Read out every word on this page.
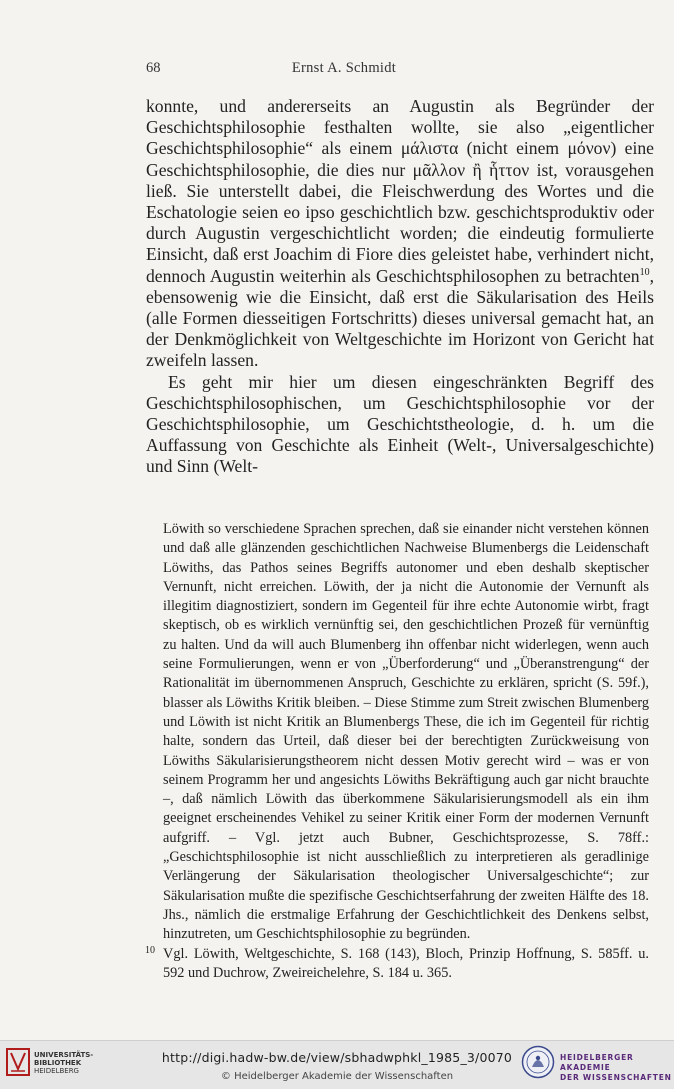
68	Ernst A. Schmidt

konnte, und andererseits an Augustin als Begründer der Geschichtsphilosophie festhalten wollte, sie also „eigentlicher Geschichtsphilosophie“ als einem μάλιστα (nicht einem μόνον) eine Geschichtsphilosophie, die dies nur μᾶλλον ἢ ἧττον ist, vorausgehen ließ. Sie unterstellt dabei, die Fleischwerdung des Wortes und die Eschatologie seien eo ipso geschichtlich bzw. geschichtsproduktiv oder durch Augustin vergeschichtlicht worden; die eindeutig formulierte Einsicht, daß erst Joachim di Fiore dies geleistet habe, verhindert nicht, dennoch Augustin weiterhin als Geschichtsphilosophen zu betrachten$^{10}$, ebensowenig wie die Einsicht, daß erst die Säkularisation des Heils (alle Formen diesseitigen Fortschritts) dieses universal gemacht hat, an der Denkmöglichkeit von Weltgeschichte im Horizont von Gericht hat zweifeln lassen.

Es geht mir hier um diesen eingeschränkten Begriff des Geschichtsphilosophischen, um Geschichtsphilosophie vor der Geschichtsphilosophie, um Geschichtstheologie, d. h. um die Auffassung von Geschichte als Einheit (Welt-, Universalgeschichte) und Sinn (Welt-

Löwith so verschiedene Sprachen sprechen, daß sie einander nicht verstehen können und daß alle glänzenden geschichtlichen Nachweise Blumenbergs die Leidenschaft Löwiths, das Pathos seines Begriffs autonomer und eben deshalb skeptischer Vernunft, nicht erreichen. Löwith, der ja nicht die Autonomie der Vernunft als illegitim diagnostiziert, sondern im Gegenteil für ihre echte Autonomie wirbt, fragt skeptisch, ob es wirklich vernünftig sei, den geschichtlichen Prozeß für vernünftig zu halten. Und da will auch Blumenberg ihn offenbar nicht widerlegen, wenn auch seine Formulierungen, wenn er von „Überforderung“ und „Überanstrengung“ der Rationalität im übernommenen Anspruch, Geschichte zu erklären, spricht (S. 59f.), blasser als Löwiths Kritik bleiben. – Diese Stimme zum Streit zwischen Blumenberg und Löwith ist nicht Kritik an Blumenbergs These, die ich im Gegenteil für richtig halte, sondern das Urteil, daß dieser bei der berechtigten Zurückweisung von Löwiths Säkularisierungstheorem nicht dessen Motiv gerecht wird – was er von seinem Programm her und angesichts Löwiths Bekräftigung auch gar nicht brauchte –, daß nämlich Löwith das überkommene Säkularisierungsmodell als ein ihm geeignet erscheinendes Vehikel zu seiner Kritik einer Form der modernen Vernunft aufgriff. – Vgl. jetzt auch Bubner, Geschichtsprozesse, S. 78ff.: „Geschichtsphilosophie ist nicht ausschließlich zu interpretieren als geradlinige Verlängerung der Säkularisation theologischer Universalgeschichte“; zur Säkularisation mußte die spezifische Geschichtserfahrung der zweiten Hälfte des 18. Jhs., nämlich die erstmalige Erfahrung der Geschichtlichkeit des Denkens selbst, hinzutreten, um Geschichtsphilosophie zu begründen.

10 Vgl. Löwith, Weltgeschichte, S. 168 (143), Bloch, Prinzip Hoffnung, S. 585ff. u. 592 und Duchrow, Zweireichelehre, S. 184 u. 365.

UNIVERSITÄTS-
BIBLIOTHEK
HEIDELBERG
http://digi.hadw-bw.de/view/sbhadwphkl_1985_3/0070
© Heidelberger Akademie der Wissenschaften
HEIDELBERGER AKADEMIE
DER WISSENSCHAFTEN
